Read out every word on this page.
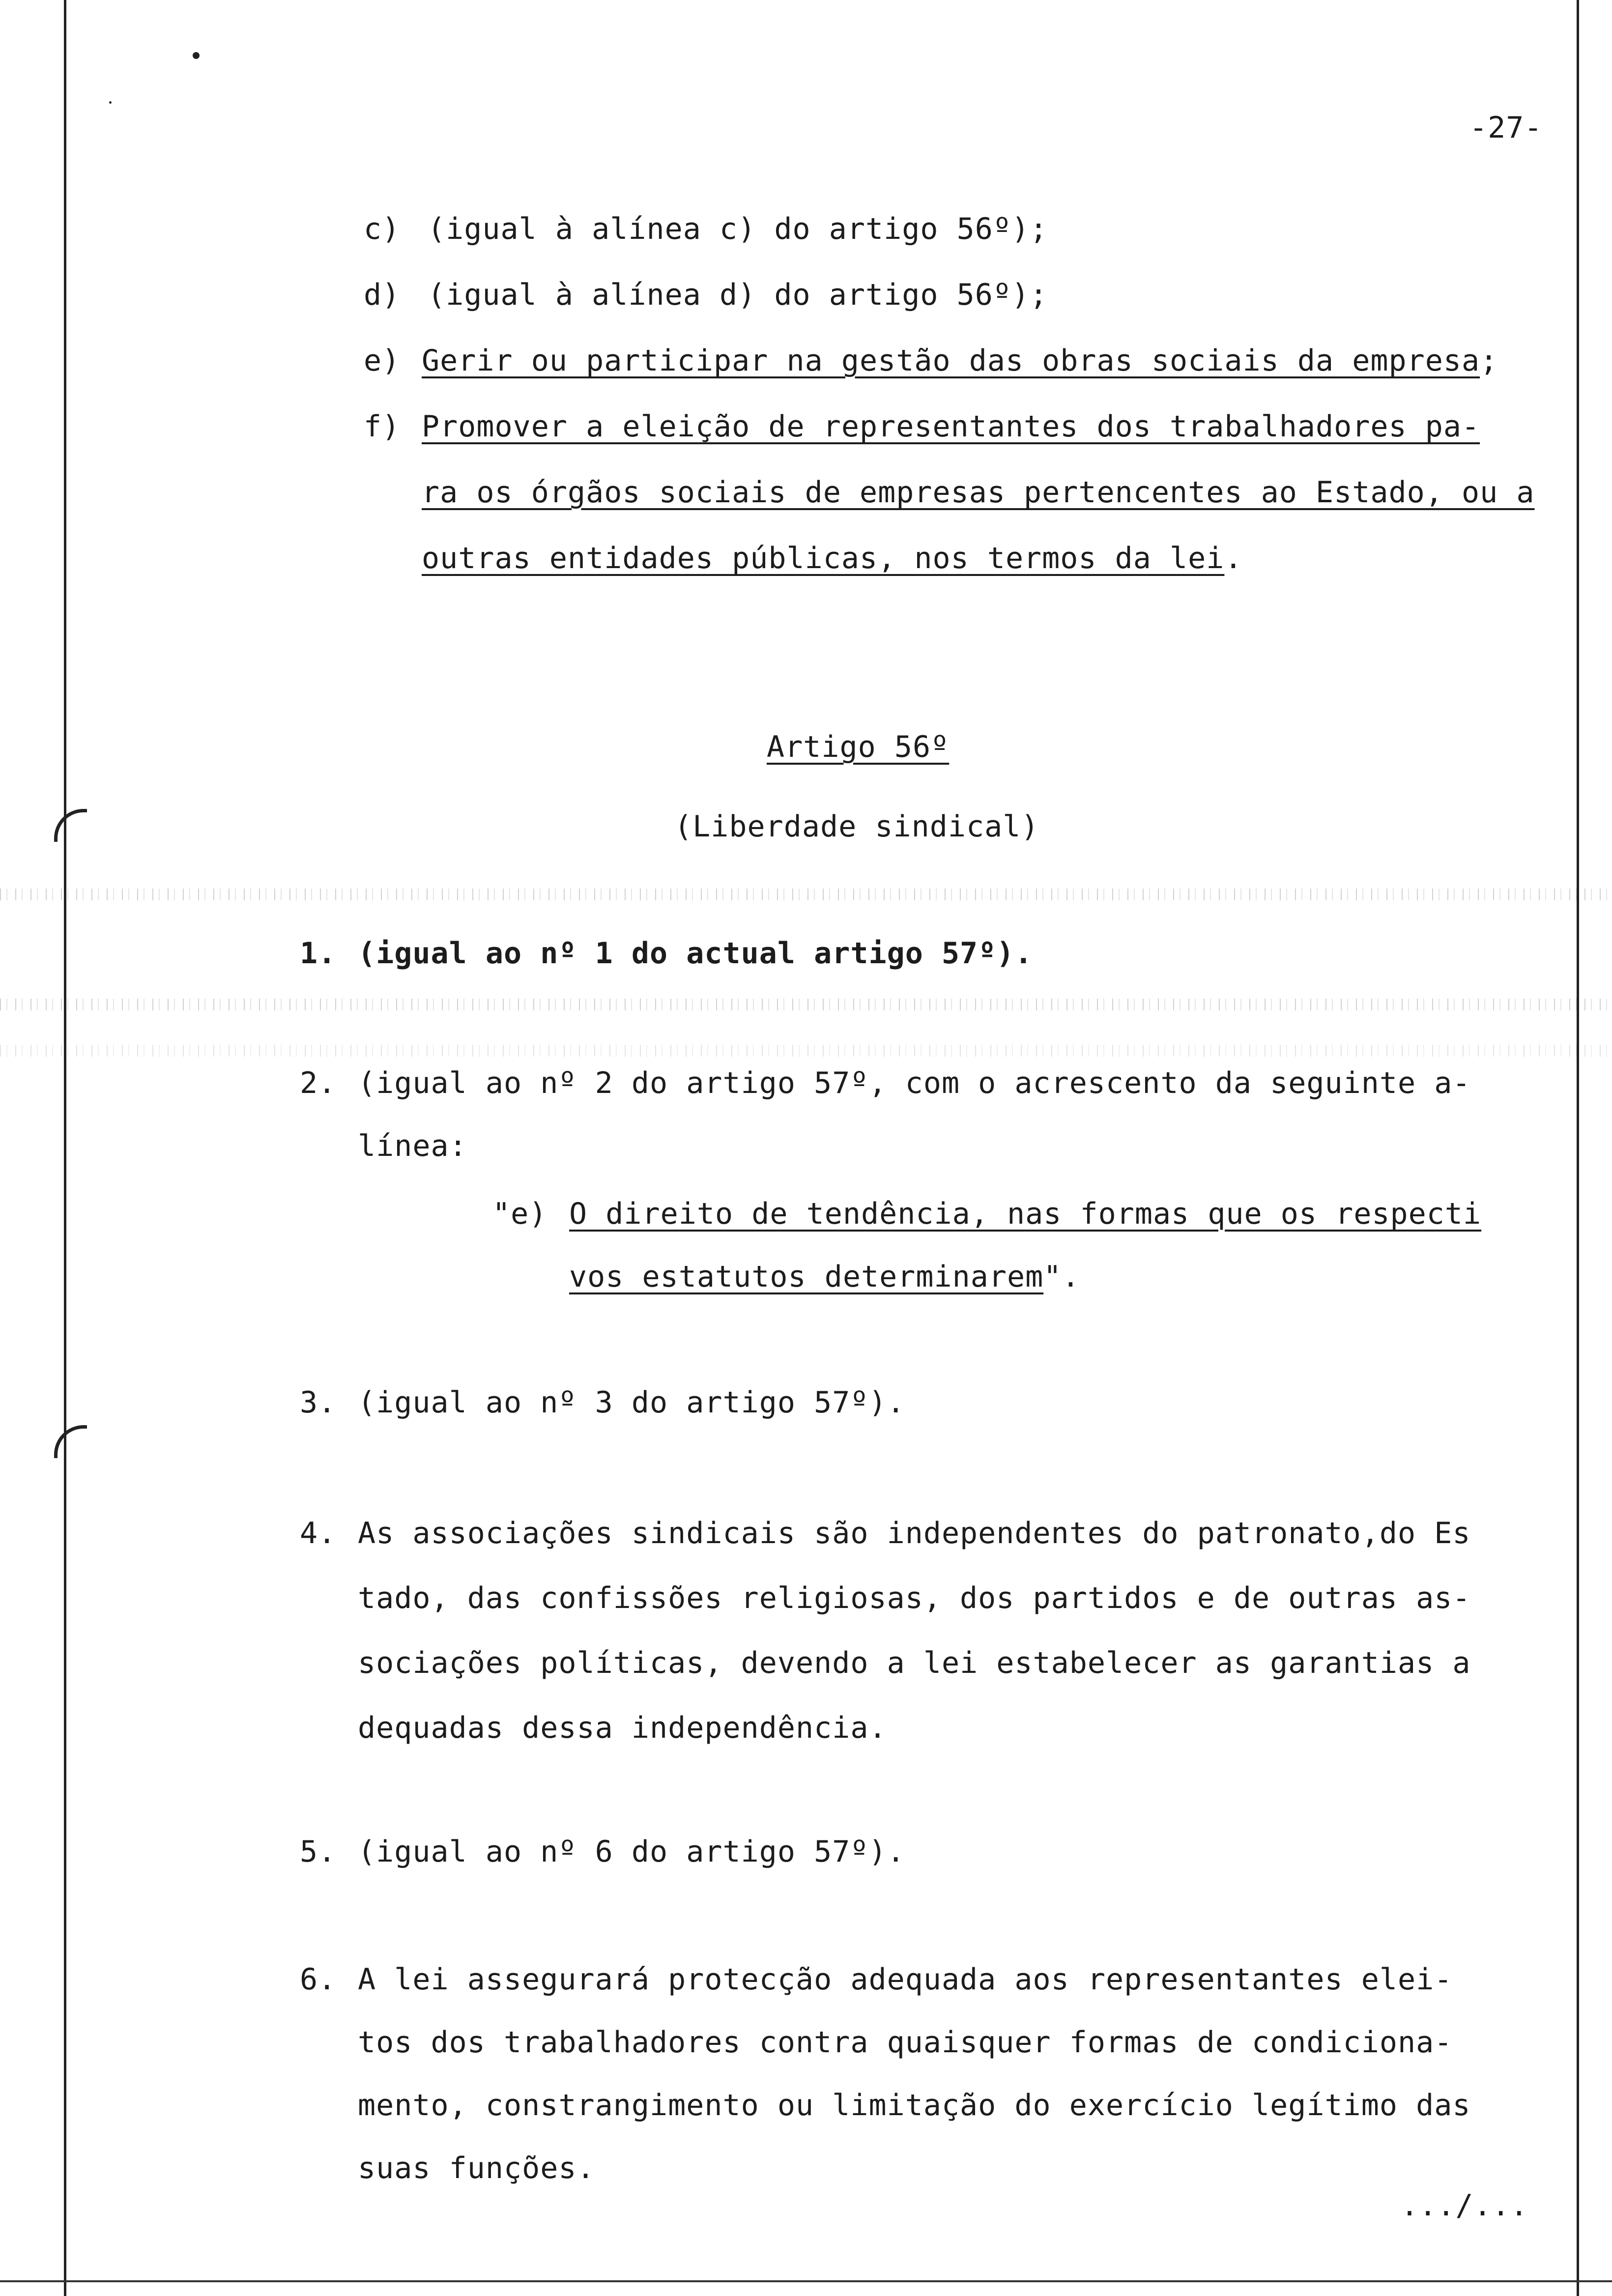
-27-
c) (igual à alínea c) do artigo 56º);
d) (igual à alínea d) do artigo 56º);
e) Gerir ou participar na gestão das obras sociais da empresa;
f) Promover a eleição de representantes dos trabalhadores pa-
ra os órgãos sociais de empresas pertencentes ao Estado, ou a
outras entidades públicas, nos termos da lei.
Artigo 56º
(Liberdade sindical)
1. (igual ao nº 1 do actual artigo 57º).
2. (igual ao nº 2 do artigo 57º, com o acrescento da seguinte a-
línea:
"e) O direito de tendência, nas formas que os respecti
vos estatutos determinarem".
3. (igual ao nº 3 do artigo 57º).
4. As associações sindicais são independentes do patronato,do Es
tado, das confissões religiosas, dos partidos e de outras as-
sociações políticas, devendo a lei estabelecer as garantias a
dequadas dessa independência.
5. (igual ao nº 6 do artigo 57º).
6. A lei assegurará protecção adequada aos representantes elei-
tos dos trabalhadores contra quaisquer formas de condiciona-
mento, constrangimento ou limitação do exercício legítimo das
suas funções.
.../...
